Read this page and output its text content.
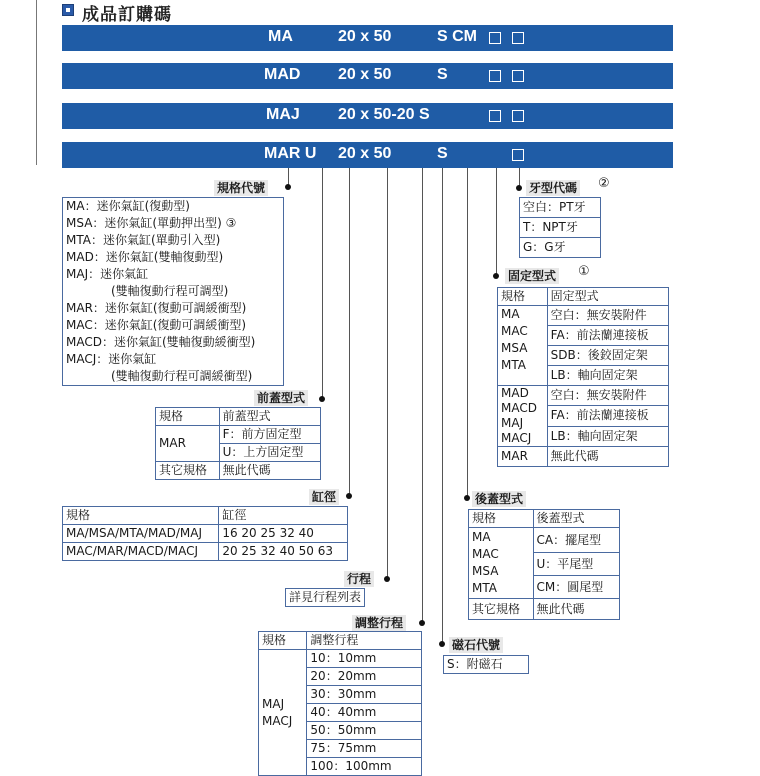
成品訂購碼
MA	20 x 50	S CM
MAD 20 x 50	S
MAJ 20 x 50-20 S
MAR U 20 x 50	S
規格代號
MA：迷你氣缸(復動型)
MSA：迷你氣缸(單動押出型) ③
MTA：迷你氣缸(單動引入型)
MAD：迷你氣缸(雙軸復動型)
MAJ：迷你氣缸
(雙軸復動行程可調型)
MAR：迷你氣缸(復動可調緩衝型)
MAC：迷你氣缸(復動可調緩衝型)
MACD：迷你氣缸(雙軸復動緩衝型)
MACJ：迷你氣缸
(雙軸復動行程可調緩衝型)
前蓋型式
規格	前蓋型式
MAR	F：前方固定型
	U：上方固定型
其它規格	無此代碼
缸徑
規格	缸徑
MA/MSA/MTA/MAD/MAJ	16 20 25 32 40
MAC/MAR/MACD/MACJ	20 25 32 40 50 63
行程
詳見行程列表
調整行程
規格	調整行程
MAJ
MACJ	10：10mm
	20：20mm
	30：30mm
	40：40mm
	50：50mm
	75：75mm
	100：100mm
磁石代號
S：附磁石
後蓋型式
規格	後蓋型式
MA
MAC
MSA
MTA	CA：擺尾型
	U：平尾型
	CM：圓尾型
其它規格	無此代碼
牙型代碼 ②
空白：PT牙
T：NPT牙
G：G牙
固定型式 ①
規格	固定型式
MA
MAC
MSA
MTA	空白：無安裝附件
	FA：前法蘭連接板
	SDB：後鉸固定架
	LB：軸向固定架
MAD
MACD
MAJ
MACJ	空白：無安裝附件
	FA：前法蘭連接板
	LB：軸向固定架
MAR	無此代碼
